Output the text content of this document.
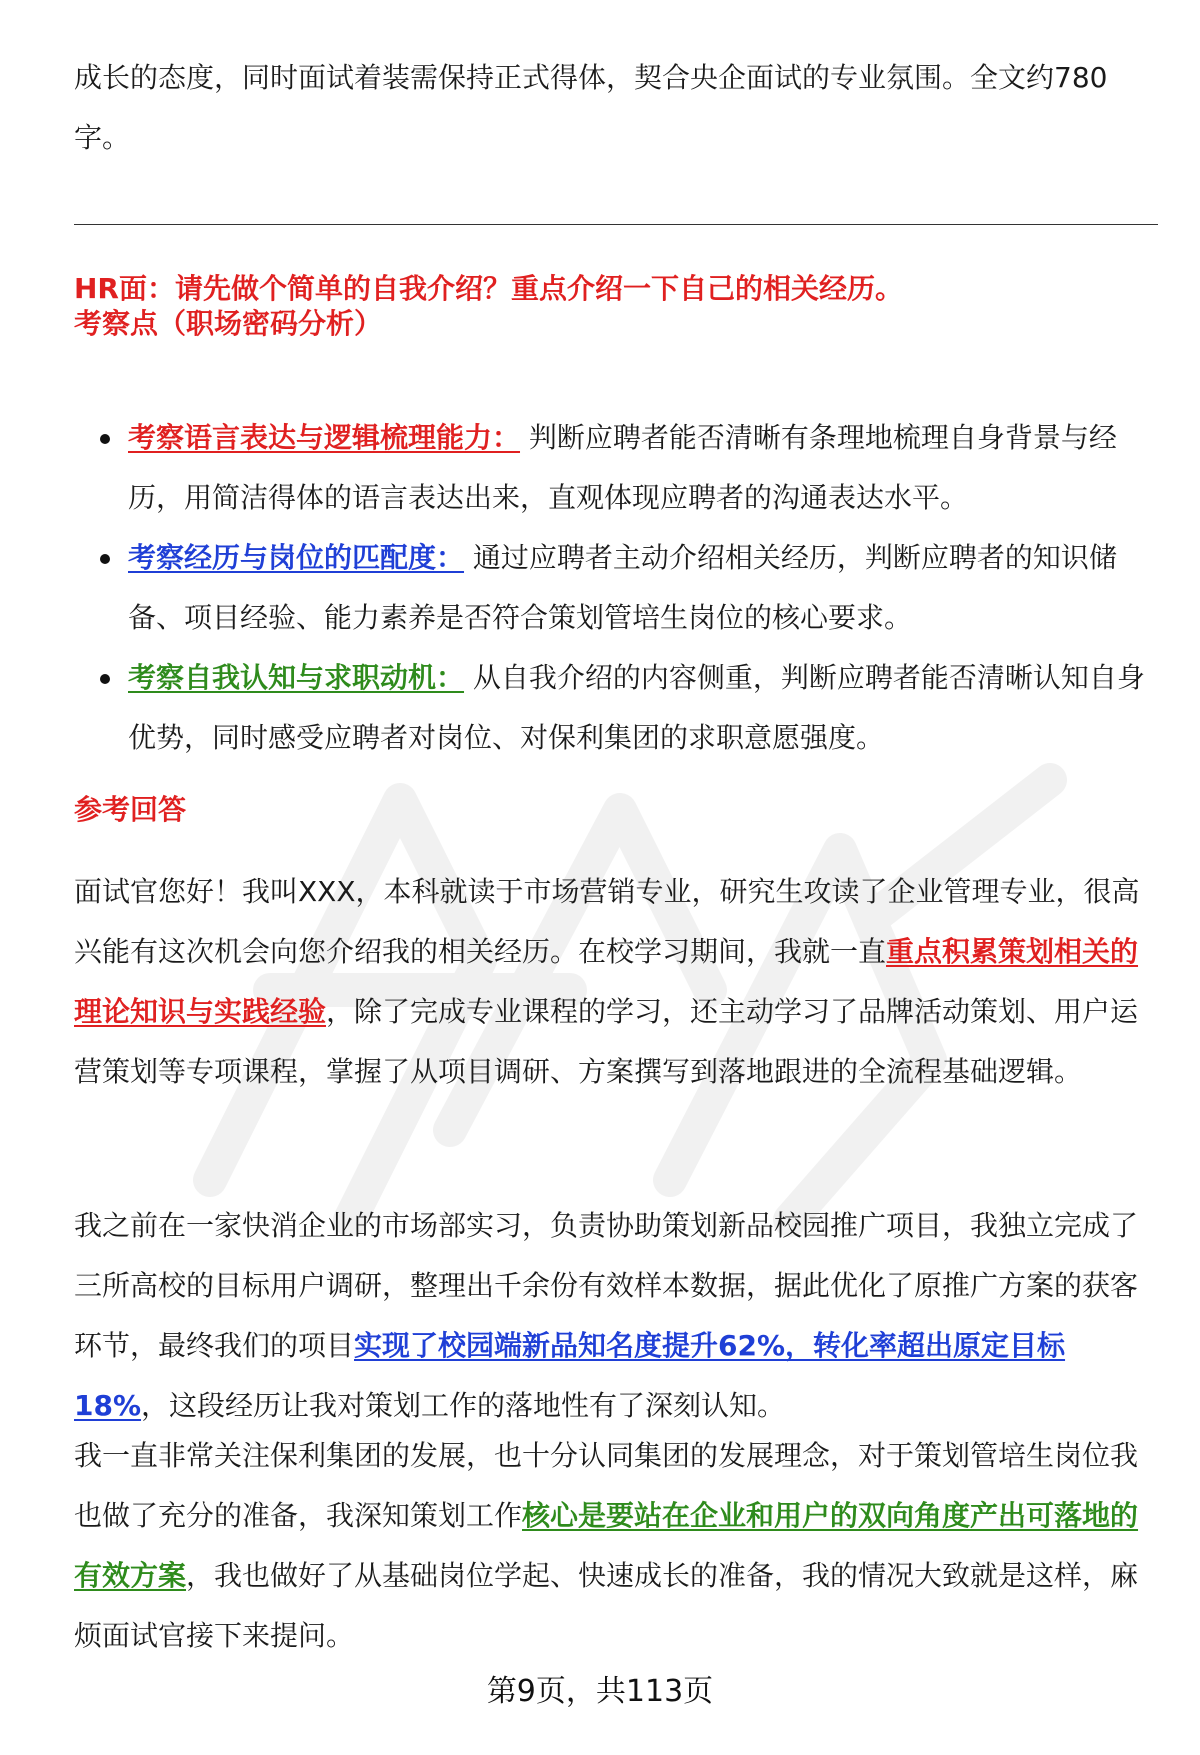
成长的态度，同时面试着装需保持正式得体，契合央企面试的专业氛围。全文约780字。

HR面：请先做个简单的自我介绍？重点介绍一下自己的相关经历。
考察点（职场密码分析）
考察语言表达与逻辑梳理能力： 判断应聘者能否清晰有条理地梳理自身背景与经历，用简洁得体的语言表达出来，直观体现应聘者的沟通表达水平。
考察经历与岗位的匹配度： 通过应聘者主动介绍相关经历，判断应聘者的知识储备、项目经验、能力素养是否符合策划管培生岗位的核心要求。
考察自我认知与求职动机： 从自我介绍的内容侧重，判断应聘者能否清晰认知自身优势，同时感受应聘者对岗位、对保利集团的求职意愿强度。
参考回答

面试官您好！我叫XXX，本科就读于市场营销专业，研究生攻读了企业管理专业，很高兴能有这次机会向您介绍我的相关经历。在校学习期间，我就一直重点积累策划相关的理论知识与实践经验，除了完成专业课程的学习，还主动学习了品牌活动策划、用户运营策划等专项课程，掌握了从项目调研、方案撰写到落地跟进的全流程基础逻辑。

我之前在一家快消企业的市场部实习，负责协助策划新品校园推广项目，我独立完成了三所高校的目标用户调研，整理出千余份有效样本数据，据此优化了原推广方案的获客环节，最终我们的项目实现了校园端新品知名度提升62%，转化率超出原定目标18%，这段经历让我对策划工作的落地性有了深刻认知。

我一直非常关注保利集团的发展，也十分认同集团的发展理念，对于策划管培生岗位我也做了充分的准备，我深知策划工作核心是要站在企业和用户的双向角度产出可落地的有效方案，我也做好了从基础岗位学起、快速成长的准备，我的情况大致就是这样，麻烦面试官接下来提问。

第9页，共113页
